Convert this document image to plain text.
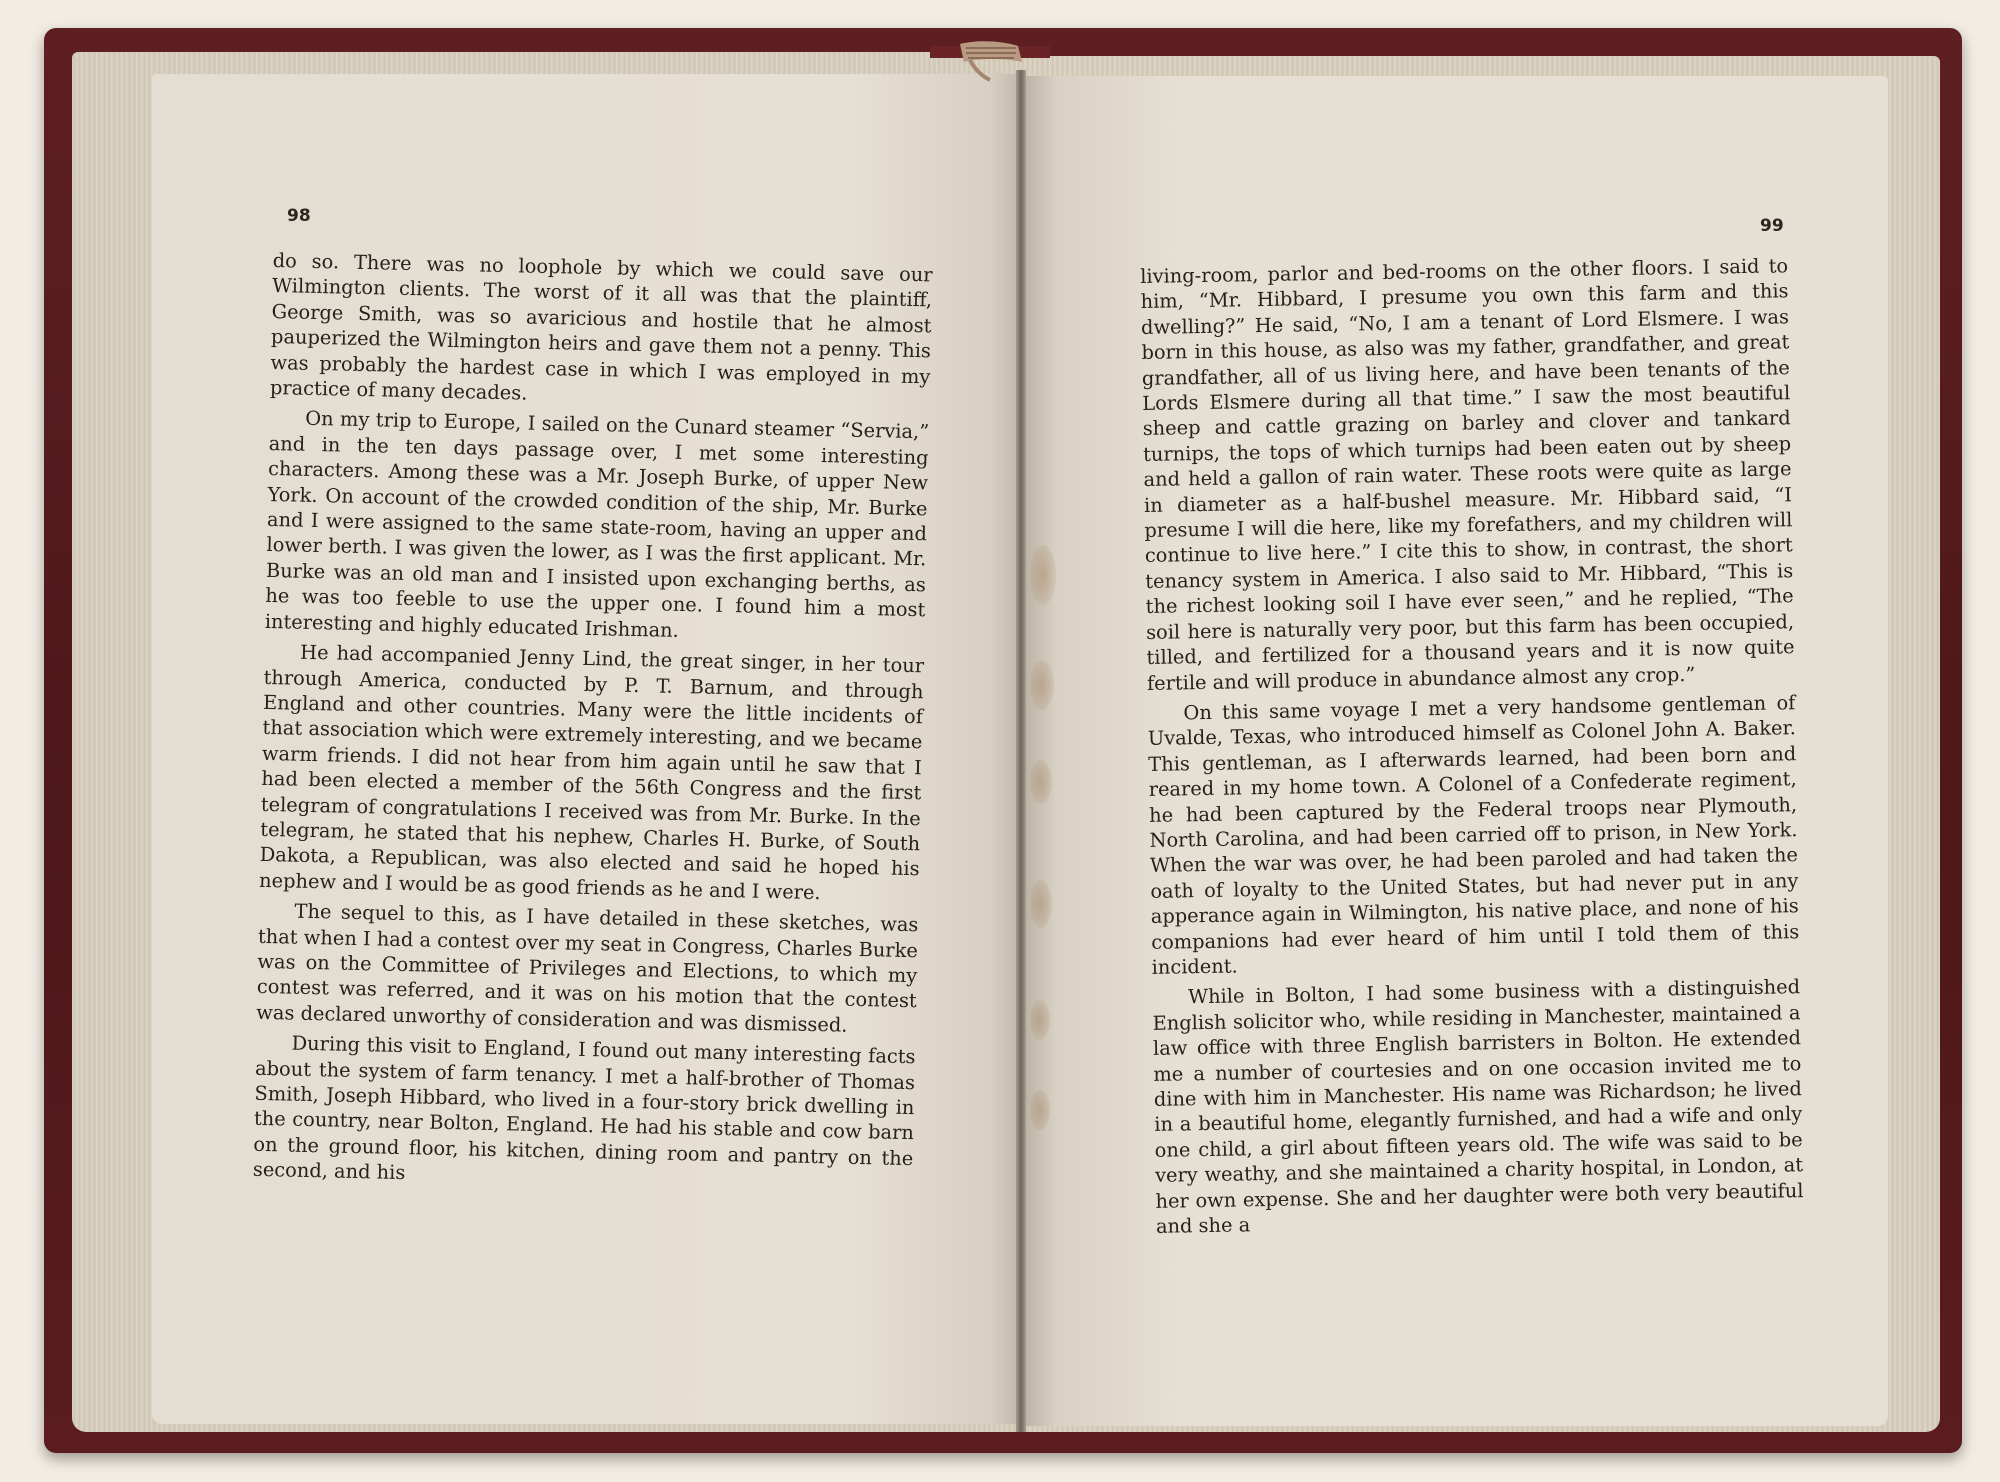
98

do so. There was no loophole by which we could save our Wilmington clients. The worst of it all was that the plaintiff, George Smith, was so avaricious and hostile that he almost pauperized the Wilmington heirs and gave them not a penny. This was probably the hardest case in which I was employed in my practice of many decades.

On my trip to Europe, I sailed on the Cunard steamer “Servia,” and in the ten days passage over, I met some interesting characters. Among these was a Mr. Joseph Burke, of upper New York. On account of the crowded condition of the ship, Mr. Burke and I were assigned to the same state-room, having an upper and lower berth. I was given the lower, as I was the first applicant. Mr. Burke was an old man and I insisted upon exchanging berths, as he was too feeble to use the upper one. I found him a most interesting and highly educated Irishman.

He had accompanied Jenny Lind, the great singer, in her tour through America, conducted by P. T. Barnum, and through England and other countries. Many were the little incidents of that association which were extremely interesting, and we became warm friends. I did not hear from him again until he saw that I had been elected a member of the 56th Congress and the first telegram of congratulations I received was from Mr. Burke. In the telegram, he stated that his nephew, Charles H. Burke, of South Dakota, a Republican, was also elected and said he hoped his nephew and I would be as good friends as he and I were.

The sequel to this, as I have detailed in these sketches, was that when I had a contest over my seat in Congress, Charles Burke was on the Committee of Privileges and Elections, to which my contest was referred, and it was on his motion that the contest was declared unworthy of consideration and was dismissed.

During this visit to England, I found out many interesting facts about the system of farm tenancy. I met a half-brother of Thomas Smith, Joseph Hibbard, who lived in a four-story brick dwelling in the country, near Bolton, England. He had his stable and cow barn on the ground floor, his kitchen, dining room and pantry on the second, and his

99

living-room, parlor and bed-rooms on the other floors. I said to him, “Mr. Hibbard, I presume you own this farm and this dwelling?” He said, “No, I am a tenant of Lord Elsmere. I was born in this house, as also was my father, grandfather, and great grandfather, all of us living here, and have been tenants of the Lords Elsmere during all that time.” I saw the most beautiful sheep and cattle grazing on barley and clover and tankard turnips, the tops of which turnips had been eaten out by sheep and held a gallon of rain water. These roots were quite as large in diameter as a half-bushel measure. Mr. Hibbard said, “I presume I will die here, like my forefathers, and my children will continue to live here.” I cite this to show, in contrast, the short tenancy system in America. I also said to Mr. Hibbard, “This is the richest looking soil I have ever seen,” and he replied, “The soil here is naturally very poor, but this farm has been occupied, tilled, and fertilized for a thousand years and it is now quite fertile and will produce in abundance almost any crop.”

On this same voyage I met a very handsome gentleman of Uvalde, Texas, who introduced himself as Colonel John A. Baker. This gentleman, as I afterwards learned, had been born and reared in my home town. A Colonel of a Confederate regiment, he had been captured by the Federal troops near Plymouth, North Carolina, and had been carried off to prison, in New York. When the war was over, he had been paroled and had taken the oath of loyalty to the United States, but had never put in any apperance again in Wilmington, his native place, and none of his companions had ever heard of him until I told them of this incident.

While in Bolton, I had some business with a distinguished English solicitor who, while residing in Manchester, maintained a law office with three English barristers in Bolton. He extended me a number of courtesies and on one occasion invited me to dine with him in Manchester. His name was Richardson; he lived in a beautiful home, elegantly furnished, and had a wife and only one child, a girl about fifteen years old. The wife was said to be very weathy, and she maintained a charity hospital, in London, at her own expense. She and her daughter were both very beautiful and she a
